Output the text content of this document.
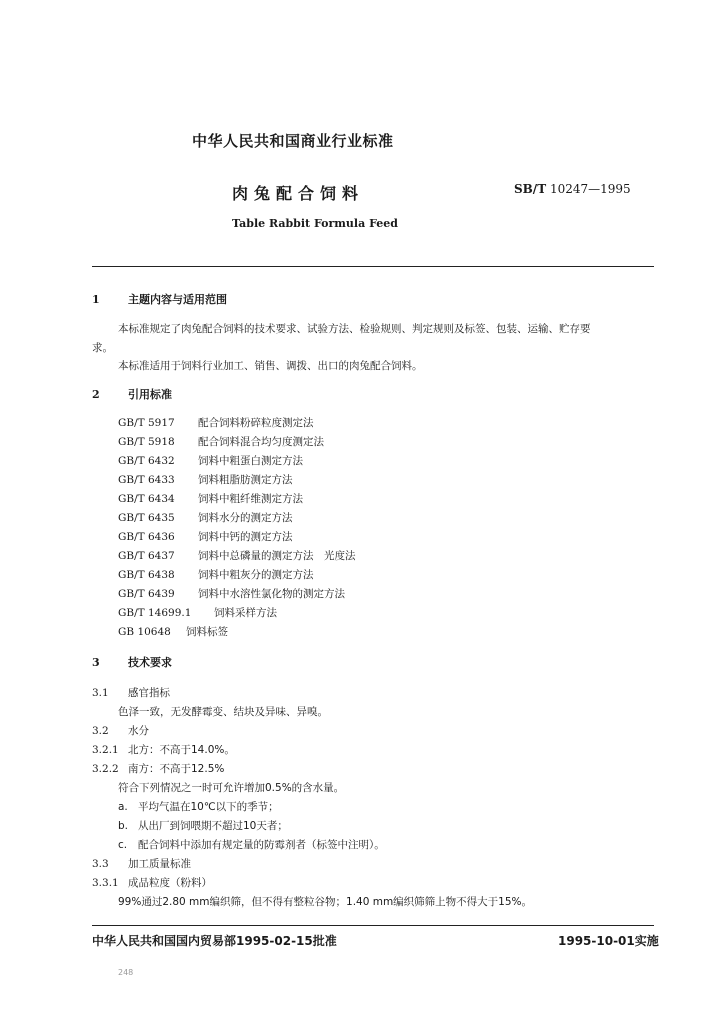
中华人民共和国商业行业标准
肉兔配合饲料	SB/T 10247—1995
Table Rabbit Formula Feed
1	主题内容与适用范围
本标准规定了肉兔配合饲料的技术要求、试验方法、检验规则、判定规则及标签、包装、运输、贮存要
求。
本标准适用于饲料行业加工、销售、调拨、出口的肉兔配合饲料。
2	引用标准
GB/T 5917 配合饲料粉碎粒度测定法
GB/T 5918 配合饲料混合均匀度测定法
GB/T 6432 饲料中粗蛋白测定方法
GB/T 6433 饲料粗脂肪测定方法
GB/T 6434 饲料中粗纤维测定方法
GB/T 6435 饲料水分的测定方法
GB/T 6436 饲料中钙的测定方法
GB/T 6437 饲料中总磷量的测定方法　光度法
GB/T 6438 饲料中粗灰分的测定方法
GB/T 6439 饲料中水溶性氯化物的测定方法
GB/T 14699.1 饲料采样方法
GB 10648 饲料标签
3	技术要求
3.1 感官指标
色泽一致，无发酵霉变、结块及异味、异嗅。
3.2 水分
3.2.1 北方：不高于14.0%。
3.2.2 南方：不高于12.5%
符合下列情况之一时可允许增加0.5%的含水量。
a. 平均气温在10℃以下的季节；
b. 从出厂到饲喂期不超过10天者；
c. 配合饲料中添加有规定量的防霉剂者（标签中注明）。
3.3 加工质量标准
3.3.1 成品粒度（粉料）
99%通过2.80 mm编织筛，但不得有整粒谷物；1.40 mm编织筛筛上物不得大于15%。
中华人民共和国国内贸易部1995-02-15批准	1995-10-01实施
248
